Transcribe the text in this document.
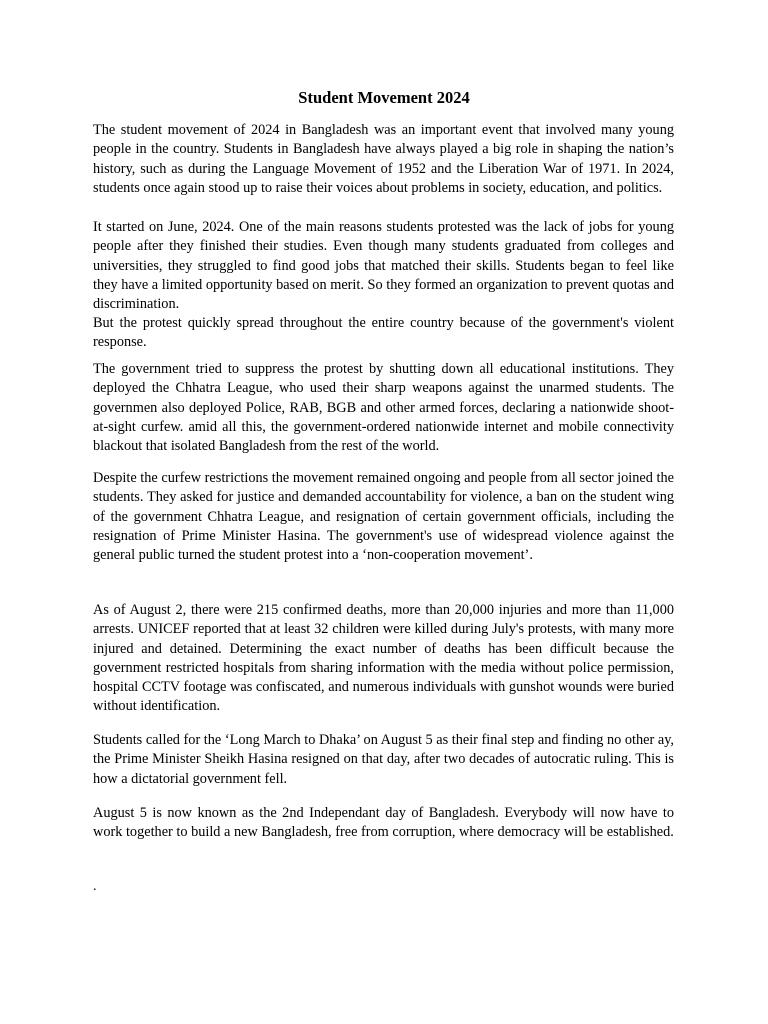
Student Movement 2024

The student movement of 2024 in Bangladesh was an important event that involved many young people in the country. Students in Bangladesh have always played a big role in shaping the nation’s history, such as during the Language Movement of 1952 and the Liberation War of 1971. In 2024, students once again stood up to raise their voices about problems in society, education, and politics.

It started on June, 2024. One of the main reasons students protested was the lack of jobs for young people after they finished their studies. Even though many students graduated from colleges and universities, they struggled to find good jobs that matched their skills. Students began to feel like they have a limited opportunity based on merit. So they formed an organization to prevent quotas and discrimination.

But the protest quickly spread throughout the entire country because of the government's violent response.

The government tried to suppress the protest by shutting down all educational institutions. They deployed the Chhatra League, who used their sharp weapons against the unarmed students. The governmen also deployed Police, RAB, BGB and other armed forces, declaring a nationwide shoot-at-sight curfew. amid all this, the government-ordered nationwide internet and mobile connectivity blackout that isolated Bangladesh from the rest of the world.

Despite the curfew restrictions the movement remained ongoing and people from all sector joined the students. They asked for justice and demanded accountability for violence, a ban on the student wing of the government Chhatra League, and resignation of certain government officials, including the resignation of Prime Minister Hasina. The government's use of widespread violence against the general public turned the student protest into a ‘non-cooperation movement’.

As of August 2, there were 215 confirmed deaths, more than 20,000 injuries and more than 11,000 arrests. UNICEF reported that at least 32 children were killed during July's protests, with many more injured and detained. Determining the exact number of deaths has been difficult because the government restricted hospitals from sharing information with the media without police permission, hospital CCTV footage was confiscated, and numerous individuals with gunshot wounds were buried without identification.

Students called for the ‘Long March to Dhaka’ on August 5 as their final step and finding no other ay, the Prime Minister Sheikh Hasina resigned on that day, after two decades of autocratic ruling. This is how a dictatorial government fell.

August 5 is now known as the 2nd Independant day of Bangladesh. Everybody will now have to work together to build a new Bangladesh, free from corruption, where democracy will be established.

.
